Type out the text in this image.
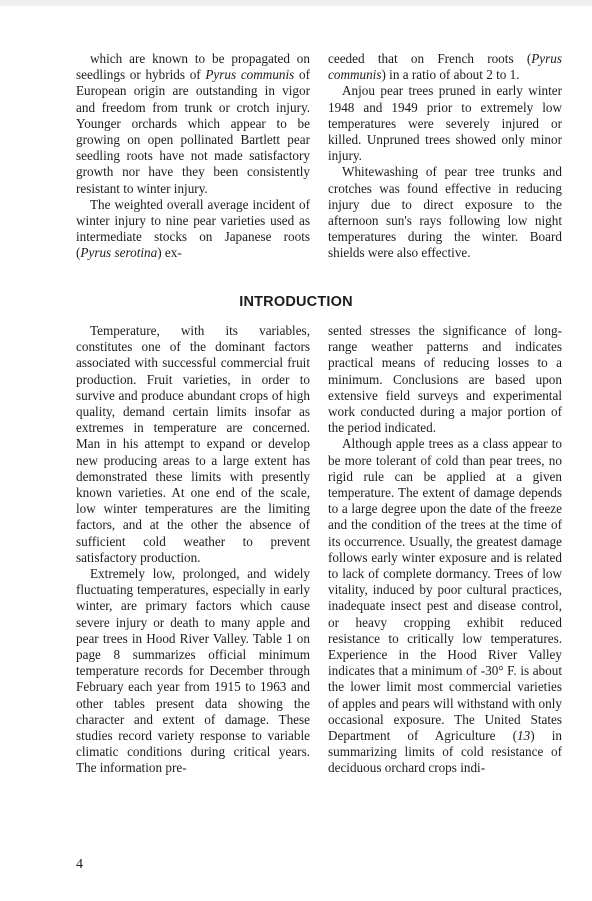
which are known to be propagated on seedlings or hybrids of Pyrus communis of European origin are outstanding in vigor and freedom from trunk or crotch injury. Younger orchards which appear to be growing on open pollinated Bartlett pear seedling roots have not made satisfactory growth nor have they been consistently resistant to winter injury.

The weighted overall average incident of winter injury to nine pear varieties used as intermediate stocks on Japanese roots (Pyrus serotina) ex-

ceeded that on French roots (Pyrus communis) in a ratio of about 2 to 1.

Anjou pear trees pruned in early winter 1948 and 1949 prior to extremely low temperatures were severely injured or killed. Unpruned trees showed only minor injury.

Whitewashing of pear tree trunks and crotches was found effective in reducing injury due to direct exposure to the afternoon sun's rays following low night temperatures during the winter. Board shields were also effective.

INTRODUCTION

Temperature, with its variables, constitutes one of the dominant factors associated with successful commercial fruit production. Fruit varieties, in order to survive and produce abundant crops of high quality, demand certain limits insofar as extremes in temperature are concerned. Man in his attempt to expand or develop new producing areas to a large extent has demonstrated these limits with presently known varieties. At one end of the scale, low winter temperatures are the limiting factors, and at the other the absence of sufficient cold weather to prevent satisfactory production.

Extremely low, prolonged, and widely fluctuating temperatures, especially in early winter, are primary factors which cause severe injury or death to many apple and pear trees in Hood River Valley. Table 1 on page 8 summarizes official minimum temperature records for December through February each year from 1915 to 1963 and other tables present data showing the character and extent of damage. These studies record variety response to variable climatic conditions during critical years. The information pre-

sented stresses the significance of long-range weather patterns and indicates practical means of reducing losses to a minimum. Conclusions are based upon extensive field surveys and experimental work conducted during a major portion of the period indicated.

Although apple trees as a class appear to be more tolerant of cold than pear trees, no rigid rule can be applied at a given temperature. The extent of damage depends to a large degree upon the date of the freeze and the condition of the trees at the time of its occurrence. Usually, the greatest damage follows early winter exposure and is related to lack of complete dormancy. Trees of low vitality, induced by poor cultural practices, inadequate insect pest and disease control, or heavy cropping exhibit reduced resistance to critically low temperatures. Experience in the Hood River Valley indicates that a minimum of -30° F. is about the lower limit most commercial varieties of apples and pears will withstand with only occasional exposure. The United States Department of Agriculture (13) in summarizing limits of cold resistance of deciduous orchard crops indi-

4
